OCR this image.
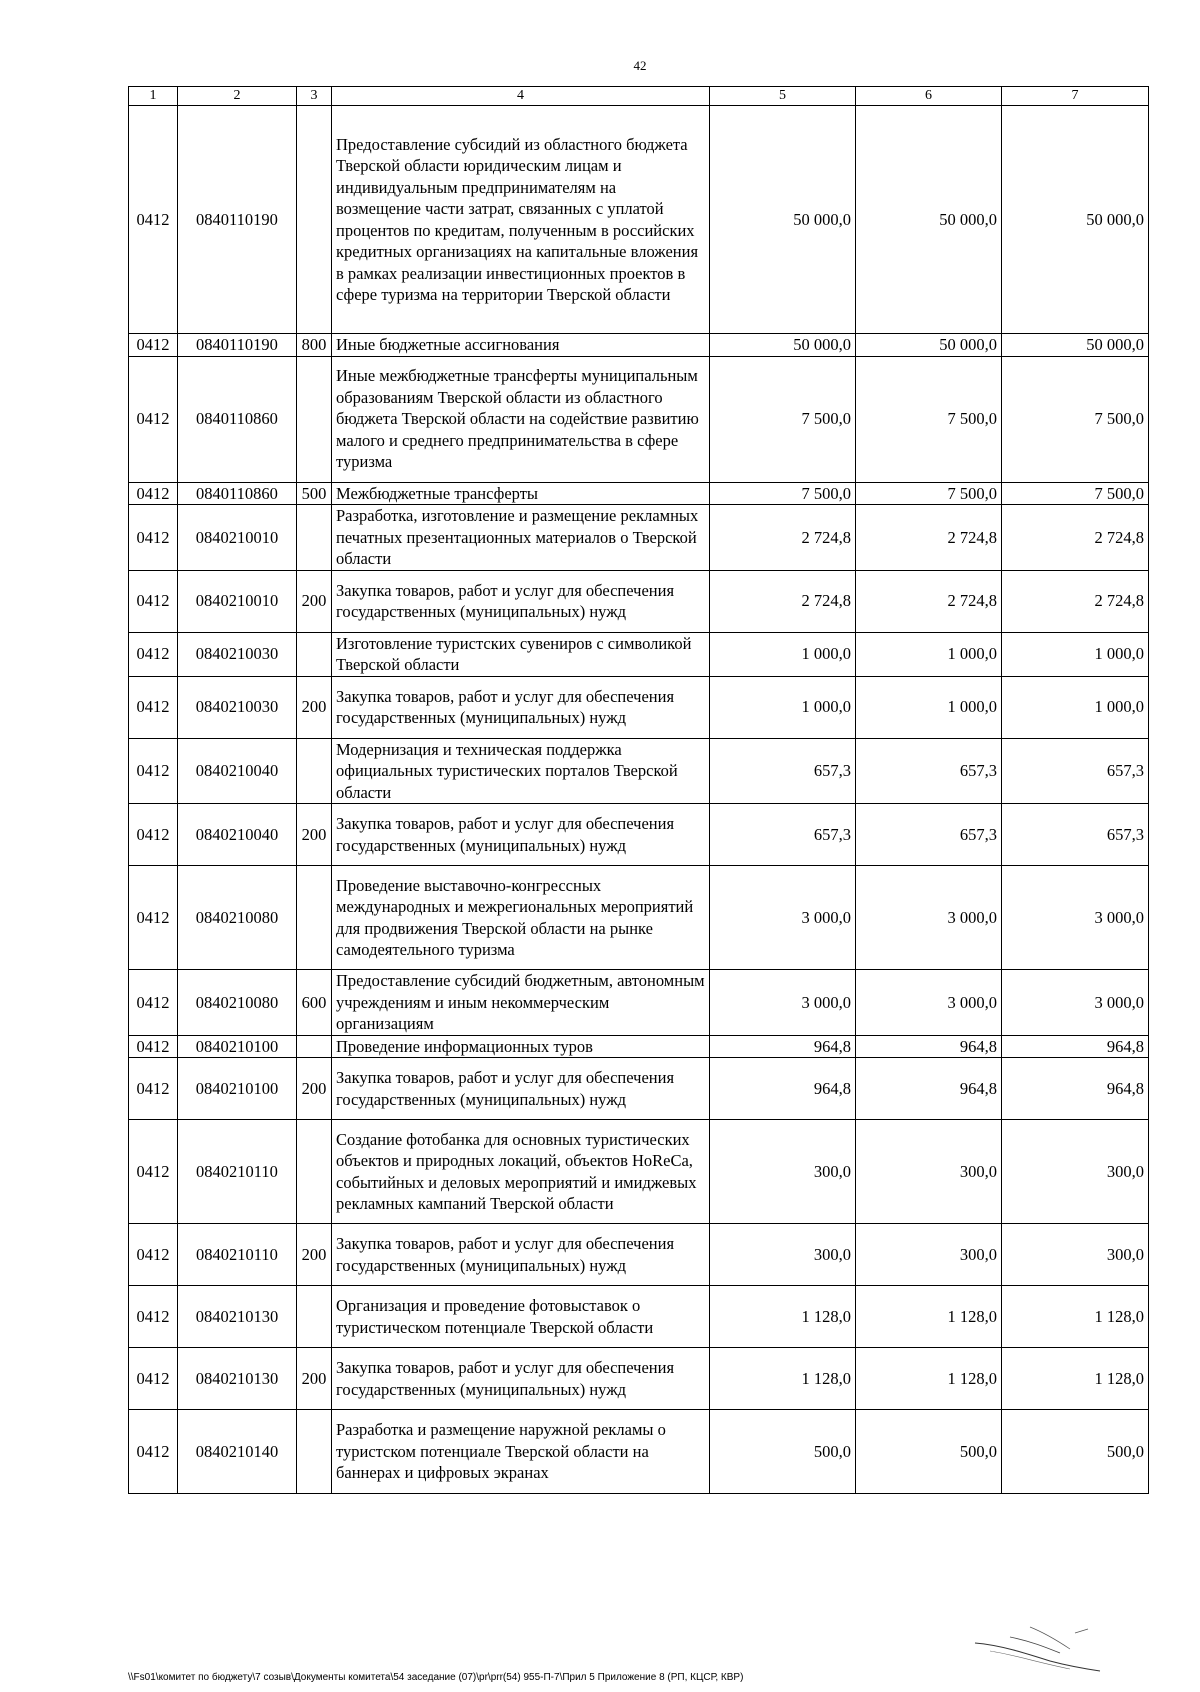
42
1	2	3	4	5	6	7
0412	0840110190		Предоставление субсидий из областного бюджета Тверской области юридическим лицам и индивидуальным предпринимателям на возмещение части затрат, связанных с уплатой процентов по кредитам, полученным в российских кредитных организациях на капитальные вложения в рамках реализации инвестиционных проектов в сфере туризма на территории Тверской области	50 000,0	50 000,0	50 000,0
0412	0840110190	800	Иные бюджетные ассигнования	50 000,0	50 000,0	50 000,0
0412	0840110860		Иные межбюджетные трансферты муниципальным образованиям Тверской области из областного бюджета Тверской области на содействие развитию малого и среднего предпринимательства в сфере туризма	7 500,0	7 500,0	7 500,0
0412	0840110860	500	Межбюджетные трансферты	7 500,0	7 500,0	7 500,0
0412	0840210010		Разработка, изготовление и размещение рекламных печатных презентационных материалов о Тверской области	2 724,8	2 724,8	2 724,8
0412	0840210010	200	Закупка товаров, работ и услуг для обеспечения государственных (муниципальных) нужд	2 724,8	2 724,8	2 724,8
0412	0840210030		Изготовление туристских сувениров с символикой Тверской области	1 000,0	1 000,0	1 000,0
0412	0840210030	200	Закупка товаров, работ и услуг для обеспечения государственных (муниципальных) нужд	1 000,0	1 000,0	1 000,0
0412	0840210040		Модернизация и техническая поддержка официальных туристических порталов Тверской области	657,3	657,3	657,3
0412	0840210040	200	Закупка товаров, работ и услуг для обеспечения государственных (муниципальных) нужд	657,3	657,3	657,3
0412	0840210080		Проведение выставочно-конгрессных международных и межрегиональных мероприятий для продвижения Тверской области на рынке самодеятельного туризма	3 000,0	3 000,0	3 000,0
0412	0840210080	600	Предоставление субсидий бюджетным, автономным учреждениям и иным некоммерческим организациям	3 000,0	3 000,0	3 000,0
0412	0840210100		Проведение информационных туров	964,8	964,8	964,8
0412	0840210100	200	Закупка товаров, работ и услуг для обеспечения государственных (муниципальных) нужд	964,8	964,8	964,8
0412	0840210110		Создание фотобанка для основных туристических объектов и природных локаций, объектов HoReCa, событийных и деловых мероприятий и имиджевых рекламных кампаний Тверской области	300,0	300,0	300,0
0412	0840210110	200	Закупка товаров, работ и услуг для обеспечения государственных (муниципальных) нужд	300,0	300,0	300,0
0412	0840210130		Организация и проведение фотовыставок о туристическом потенциале Тверской области	1 128,0	1 128,0	1 128,0
0412	0840210130	200	Закупка товаров, работ и услуг для обеспечения государственных (муниципальных) нужд	1 128,0	1 128,0	1 128,0
0412	0840210140		Разработка и размещение наружной рекламы о туристском потенциале Тверской области на баннерах и цифровых экранах	500,0	500,0	500,0
\\Fs01\комитет по бюджету\7 созыв\Документы комитета\54 заседание (07)\pr\prr(54) 955-П-7\Прил 5 Приложение 8 (РП, КЦСР, КВР)
